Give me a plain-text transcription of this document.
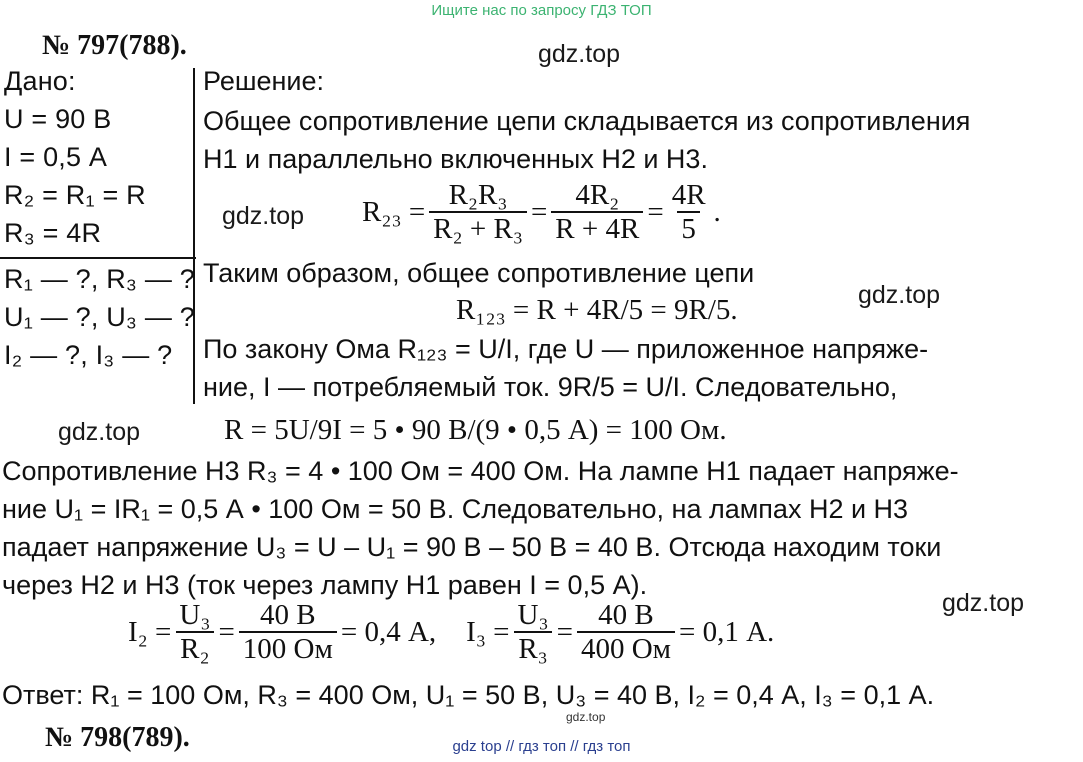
Ищите нас по запросу ГДЗ ТОП
№ 797(788).	gdz.top
Дано:
U = 90 В
I = 0,5 А
R₂ = R₁ = R
R₃ = 4R
R₁ — ?, R₃ — ?
U₁ — ?, U₃ — ?
I₂ — ?, I₃ — ?
Решение:
Общее сопротивление цепи складывается из сопротивления
H1 и параллельно включенных H2 и H3.
gdz.top $R_{23} = \frac{\text{R₂R₃}}{\text{R₂ + R₃}} = \frac{\text{4R₂}}{R + 4R} = \frac{4R}{5}$ .
Таким образом, общее сопротивление цепи
R₁₂₃ = R + 4R/5 = 9R/5.	gdz.top
По закону Ома R₁₂₃ = U/I, где U — приложенное напряже-
ние, I — потребляемый ток. 9R/5 = U/I. Следовательно,
gdz.top	R = 5U/9I = 5 • 90 В/(9 • 0,5 А) = 100 Ом.
Сопротивление H3 R₃ = 4 • 100 Ом = 400 Ом. На лампе H1 падает напряже-
ние U₁ = IR₁ = 0,5 А • 100 Ом = 50 В. Следовательно, на лампах H2 и H3
падает напряжение U₃ = U – U₁ = 90 В – 50 В = 40 В. Отсюда находим токи
через H2 и H3 (ток через лампу H1 равен I = 0,5 А).
gdz.top
$I_2 = \frac{\text{U₃}}{\text{R₂}} = \frac{40 В}{100 Ом} = 0,4$ А, $I_3 = \frac{\text{U₃}}{\text{R₃}} = \frac{40 В}{400 Ом} = 0,1$ А.
Ответ: R₁ = 100 Ом, R₃ = 400 Ом, U₁ = 50 В, U₃ = 40 В, I₂ = 0,4 А, I₃ = 0,1 А.
gdz.top
№ 798(789).	gdz top // гдз топ // гдз топ
